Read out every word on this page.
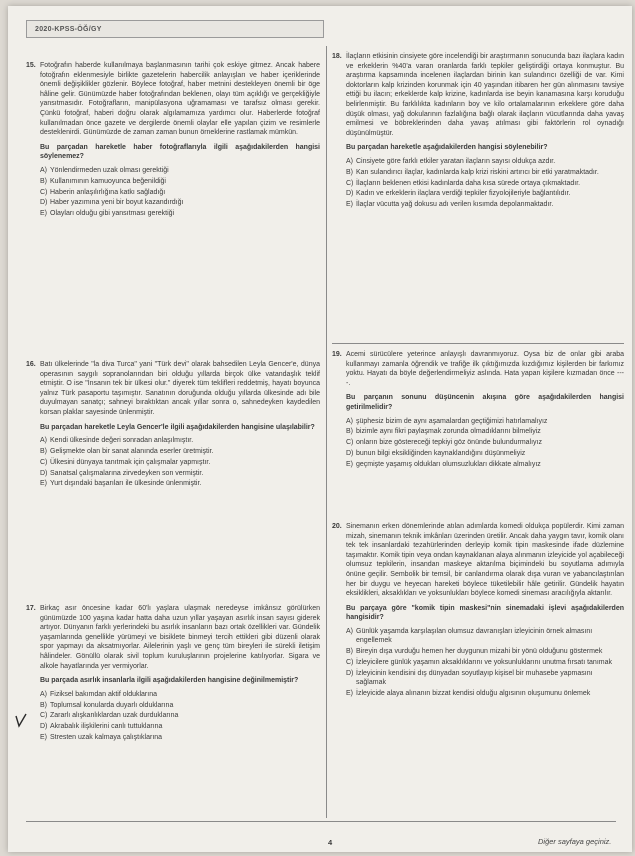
2020-KPSS-ÖĞ/GY
15. Fotoğrafın haberde kullanılmaya başlanmasının tarihi çok eskiye gitmez. Ancak habere fotoğrafın eklenmesiyle birlikte gazetelerin habercilik anlayışları ve haber içeriklerinde önemli değişiklikler gözlenir. Böylece fotoğraf, haber metnini destekleyen önemli bir öge hâline gelir. Günümüzde haber fotoğrafından beklenen, olayı tüm açıklığı ve gerçekliğiyle yansıtmasıdır. Fotoğrafların, manipülasyona uğramaması ve tarafsız olması gerekir. Çünkü fotoğraf, haberi doğru olarak algılamamıza yardımcı olur. Haberlerde fotoğraf kullanılmadan önce gazete ve dergilerde önemli olaylar elle yapılan çizim ve resimlerle desteklenirdi. Günümüzde de zaman zaman bunun örneklerine rastlamak mümkün.

Bu parçadan hareketle haber fotoğraflarıyla ilgili aşağıdakilerden hangisi söylenemez?

A) Yönlendirmeden uzak olması gerektiği
B) Kullanımının kamuoyunca beğenildiği
C) Haberin anlaşılırlığına katkı sağladığı
D) Haber yazımına yeni bir boyut kazandırdığı
E) Olayları olduğu gibi yansıtması gerektiği
16. Batı ülkelerinde "la diva Turca" yani "Türk devi" olarak bahsedilen Leyla Gencer'e, dünya operasının saygılı sopranolarından biri olduğu yıllarda birçok ülke vatandaşlık teklif etmiştir. O ise "İnsanın tek bir ülkesi olur." diyerek tüm teklifleri reddetmiş, hayatı boyunca yalnız Türk pasaportu taşımıştır. Sanatının doruğunda olduğu yıllarda ülkesinde adı bile duyulmayan sanatçı; sahneyi bıraktıktan ancak yıllar sonra o, sahnedeyken kaydedilen korsan plaklar sayesinde ünlenmiştir.

Bu parçadan hareketle Leyla Gencer'le ilgili aşağıdakilerden hangisine ulaşılabilir?

A) Kendi ülkesinde değeri sonradan anlaşılmıştır.
B) Gelişmekte olan bir sanat alanında eserler üretmiştir.
C) Ülkesini dünyaya tanıtmak için çalışmalar yapmıştır.
D) Sanatsal çalışmalarına zirvedeyken son vermiştir.
E) Yurt dışındaki başarıları ile ülkesinde ünlenmiştir.
17. Birkaç asır öncesine kadar 60'lı yaşlara ulaşmak neredeyse imkânsız görülürken günümüzde 100 yaşına kadar hatta daha uzun yıllar yaşayan asırlık insan sayısı giderek artıyor. Dünyanın farklı yerlerindeki bu asırlık insanların bazı ortak özellikleri var. Gündelik yaşamlarında genellikle yürümeyi ve bisiklete binmeyi tercih ettikleri gibi düzenli olarak spor yapmayı da aksatmıyorlar. Ailelerinin yaşlı ve genç tüm bireyleri ile sürekli iletişim hâlindeler. Gönüllü olarak sivil toplum kuruluşlarının projelerine katılıyorlar. Sigara ve alkole hayatlarında yer vermiyorlar.

Bu parçada asırlık insanlarla ilgili aşağıdakilerden hangisine değinilmemiştir?

A) Fiziksel bakımdan aktif olduklarına
B) Toplumsal konularda duyarlı olduklarına
C) Zararlı alışkanlıklardan uzak durduklarına
D) Akrabalık ilişkilerini canlı tuttuklarına
E) Stresten uzak kalmaya çalıştıklarına
18. İlaçların etkisinin cinsiyete göre incelendiği bir araştırmanın sonucunda bazı ilaçlara kadın ve erkeklerin %40'a varan oranlarda farklı tepkiler geliştirdiği ortaya konmuştur. Bu araştırma kapsamında incelenen ilaçlardan birinin kan sulandırıcı özelliği de var. Kimi doktorların kalp krizinden korunmak için 40 yaşından itibaren her gün alınmasını tavsiye ettiği bu ilacın; erkeklerde kalp krizine, kadınlarda ise beyin kanamasına karşı koruduğu belirlenmiştir. Bu farklılıkta kadınların boy ve kilo ortalamalarının erkeklere göre daha düşük olması, yağ dokularının fazlalığına bağlı olarak ilaçların vücutlarında daha yavaş emilmesi ve böbreklerinden daha yavaş atılması gibi faktörlerin rol oynadığı düşünülmüştür.

Bu parçadan hareketle aşağıdakilerden hangisi söylenebilir?

A) Cinsiyete göre farklı etkiler yaratan ilaçların sayısı oldukça azdır.
B) Kan sulandırıcı ilaçlar, kadınlarda kalp krizi riskini artırıcı bir etki yaratmaktadır.
C) İlaçların beklenen etkisi kadınlarda daha kısa sürede ortaya çıkmaktadır.
D) Kadın ve erkeklerin ilaçlara verdiği tepkiler fizyolojileriyle bağlantılıdır.
E) İlaçlar vücutta yağ dokusu adı verilen kısımda depolanmaktadır.
19. Acemi sürücülere yeterince anlayışlı davranmıyoruz. Oysa biz de onlar gibi araba kullanmayı zamanla öğrendik ve trafiğe ilk çıktığımızda kızdığımız kişilerden bir farkımız yoktu. Hayatı da böyle değerlendirmeliyiz aslında. Hata yapan kişilere kızmadan önce ----.

Bu parçanın sonunu düşüncenin akışına göre aşağıdakilerden hangisi getirilmelidir?

A) şüphesiz bizim de aynı aşamalardan geçtiğimizi hatırlamalıyız
B) bizimle aynı fikri paylaşmak zorunda olmadıklarını bilmeliyiz
C) onların bize göstereceği tepkiyi göz önünde bulundurmalıyız
D) bunun bilgi eksikliğinden kaynaklandığını düşünmeliyiz
E) geçmişte yaşamış oldukları olumsuzlukları dikkate almalıyız
20. Sinemanın erken dönemlerinde atılan adımlarda komedi oldukça popülerdir. Kimi zaman mizah, sinemanın teknik imkânları üzerinden üretilir. Ancak daha yaygın tavır, komik olanı tek tek insanlardaki tezahürlerinden derleyip komik tipin maskesinde ifade düzlemine taşımaktır. Komik tipin veya ondan kaynaklanan alaya alınmanın izleyicide yol açabileceği olumsuz tepkilerin, insandan maskeye aktarılma biçimindeki bu soyutlama adımıyla önüne geçilir. Sembolik bir temsil, bir canlandırma olarak dışa vuran ve yabancılaştırılan her bir duygu ve heyecan hareketi böylece tüketilebilir hâle getirilir. Gündelik hayatın eksiklikleri, aksaklıkları ve yoksunlukları böylece komedi sineması aracılığıyla aktarılır.

Bu parçaya göre "komik tipin maskesi"nin sinemadaki işlevi aşağıdakilerden hangisidir?

A) Günlük yaşamda karşılaşılan olumsuz davranışları izleyicinin örnek almasını engellemek
B) Bireyin dışa vurduğu hemen her duygunun mizahi bir yönü olduğunu göstermek
C) İzleyicilere günlük yaşamın aksaklıklarını ve yoksunluklarını unutma fırsatı tanımak
D) İzleyicinin kendisini dış dünyadan soyutlayıp kişisel bir muhasebe yapmasını sağlamak
E) İzleyicide alaya alınanın bizzat kendisi olduğu algısının oluşumunu önlemek
4	Diğer sayfaya geçiniz.
